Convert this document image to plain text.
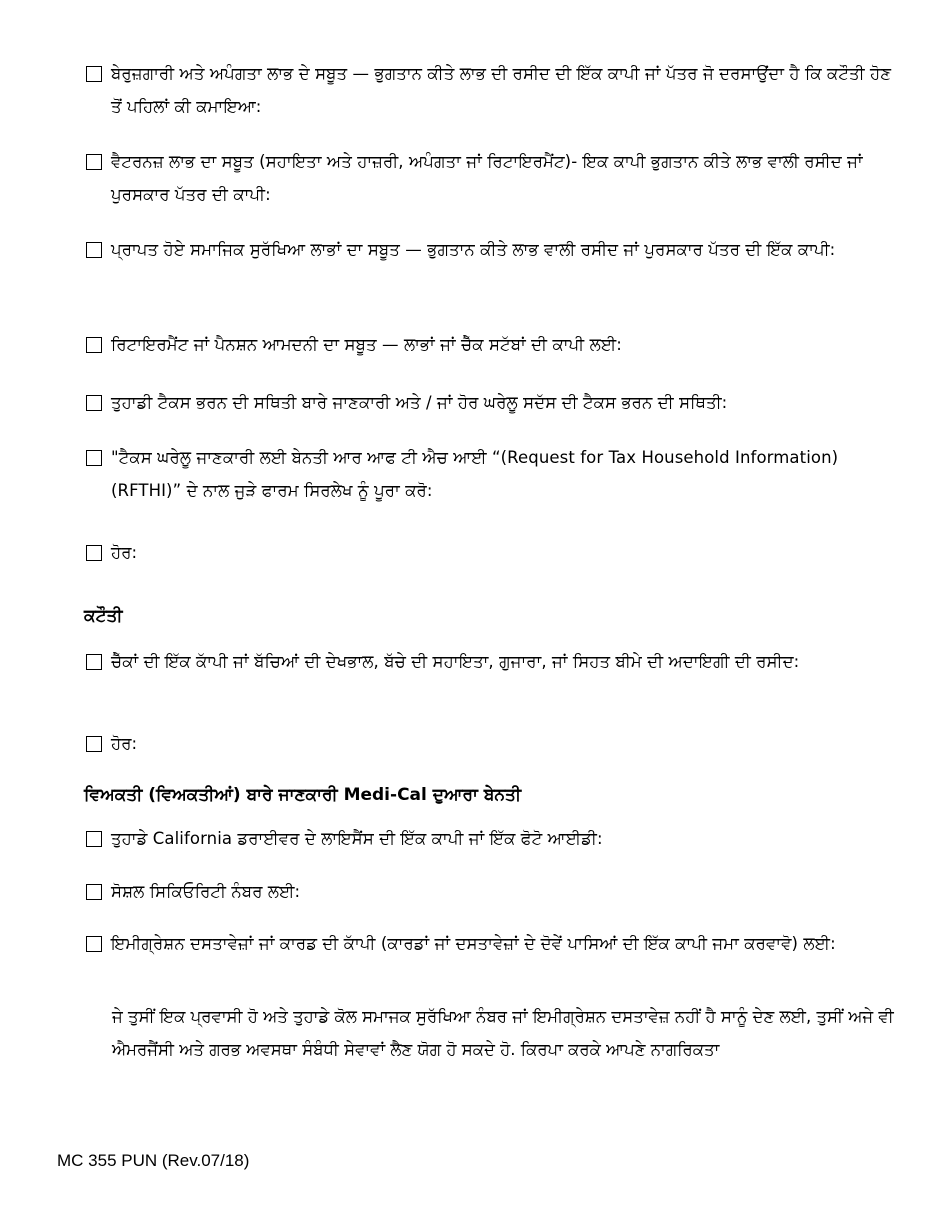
ਬੇਰੁਜ਼ਗਾਰੀ ਅਤੇ ਅਪੰਗਤਾ ਲਾਭ ਦੇ ਸਬੂਤ — ਭੁਗਤਾਨ ਕੀਤੇ ਲਾਭ ਦੀ ਰਸੀਦ ਦੀ ਇੱਕ ਕਾਪੀ ਜਾਂ ਪੱਤਰ ਜੋ ਦਰਸਾਉਂਦਾ ਹੈ ਕਿ ਕਟੌਤੀ ਹੋਣ ਤੋਂ ਪਹਿਲਾਂ ਕੀ ਕਮਾਇਆ:
ਵੈਟਰਨਜ਼ ਲਾਭ ਦਾ ਸਬੂਤ (ਸਹਾਇਤਾ ਅਤੇ ਹਾਜ਼ਰੀ, ਅਪੰਗਤਾ ਜਾਂ ਰਿਟਾਇਰਮੈਂਟ)- ਇਕ ਕਾਪੀ ਭੁਗਤਾਨ ਕੀਤੇ ਲਾਭ ਵਾਲੀ ਰਸੀਦ ਜਾਂ ਪੁਰਸਕਾਰ ਪੱਤਰ ਦੀ ਕਾਪੀ:
ਪ੍ਰਾਪਤ ਹੋਏ ਸਮਾਜਿਕ ਸੁਰੱਖਿਆ ਲਾਭਾਂ ਦਾ ਸਬੂਤ — ਭੁਗਤਾਨ ਕੀਤੇ ਲਾਭ ਵਾਲੀ ਰਸੀਦ ਜਾਂ ਪੁਰਸਕਾਰ ਪੱਤਰ ਦੀ ਇੱਕ ਕਾਪੀ:
ਰਿਟਾਇਰਮੈਂਟ ਜਾਂ ਪੈਨਸ਼ਨ ਆਮਦਨੀ ਦਾ ਸਬੂਤ — ਲਾਭਾਂ ਜਾਂ ਚੈੱਕ ਸਟੱਬਾਂ ਦੀ ਕਾਪੀ ਲਈ:
ਤੁਹਾਡੀ ਟੈਕਸ ਭਰਨ ਦੀ ਸਥਿਤੀ ਬਾਰੇ ਜਾਣਕਾਰੀ ਅਤੇ / ਜਾਂ ਹੋਰ ਘਰੇਲੂ ਸਦੱਸ ਦੀ ਟੈਕਸ ਭਰਨ ਦੀ ਸਥਿਤੀ:
"ਟੈਕਸ ਘਰੇਲੂ ਜਾਣਕਾਰੀ ਲਈ ਬੇਨਤੀ ਆਰ ਆਫ ਟੀ ਐਚ ਆਈ “(Request for Tax Household Information) (RFTHI)” ਦੇ ਨਾਲ ਜੁੜੇ ਫਾਰਮ ਸਿਰਲੇਖ ਨੂੰ ਪੂਰਾ ਕਰੋ:
ਹੋਰ:
ਕਟੌਤੀ
ਚੈੱਕਾਂ ਦੀ ਇੱਕ ਕਾੱਪੀ ਜਾਂ ਬੱਚਿਆਂ ਦੀ ਦੇਖਭਾਲ, ਬੱਚੇ ਦੀ ਸਹਾਇਤਾ, ਗੁਜਾਰਾ, ਜਾਂ ਸਿਹਤ ਬੀਮੇ ਦੀ ਅਦਾਇਗੀ ਦੀ ਰਸੀਦ:
ਹੋਰ:
ਵਿਅਕਤੀ (ਵਿਅਕਤੀਆਂ) ਬਾਰੇ ਜਾਣਕਾਰੀ Medi-Cal ਦੁਆਰਾ ਬੇਨਤੀ
ਤੁਹਾਡੇ California ਡਰਾਈਵਰ ਦੇ ਲਾਇਸੈਂਸ ਦੀ ਇੱਕ ਕਾਪੀ ਜਾਂ ਇੱਕ ਫੋਟੋ ਆਈਡੀ:
ਸੋਸ਼ਲ ਸਿਕਿਓਰਿਟੀ ਨੰਬਰ ਲਈ:
ਇਮੀਗ੍ਰੇਸ਼ਨ ਦਸਤਾਵੇਜ਼ਾਂ ਜਾਂ ਕਾਰਡ ਦੀ ਕਾੱਪੀ (ਕਾਰਡਾਂ ਜਾਂ ਦਸਤਾਵੇਜ਼ਾਂ ਦੇ ਦੋਵੇਂ ਪਾਸਿਆਂ ਦੀ ਇੱਕ ਕਾਪੀ ਜਮਾ ਕਰਵਾਵੋ) ਲਈ:
ਜੇ ਤੁਸੀਂ ਇਕ ਪ੍ਰਵਾਸੀ ਹੋ ਅਤੇ ਤੁਹਾਡੇ ਕੋਲ ਸਮਾਜਕ ਸੁਰੱਖਿਆ ਨੰਬਰ ਜਾਂ ਇਮੀਗ੍ਰੇਸ਼ਨ ਦਸਤਾਵੇਜ਼ ਨਹੀਂ ਹੈ ਸਾਨੂੰ ਦੇਣ ਲਈ, ਤੁਸੀਂ ਅਜੇ ਵੀ ਐਮਰਜੈਂਸੀ ਅਤੇ ਗਰਭ ਅਵਸਥਾ ਸੰਬੰਧੀ ਸੇਵਾਵਾਂ ਲੈਣ ਯੋਗ ਹੋ ਸਕਦੇ ਹੋ. ਕਿਰਪਾ ਕਰਕੇ ਆਪਣੇ ਨਾਗਰਿਕਤਾ
MC 355 PUN (Rev.07/18)
